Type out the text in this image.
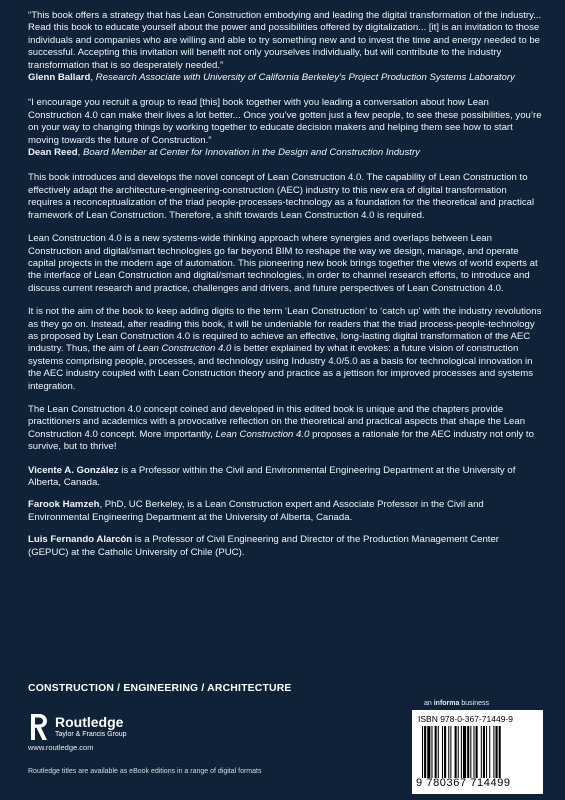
“This book offers a strategy that has Lean Construction embodying and leading the digital transformation of the industry... Read this book to educate yourself about the power and possibilities offered by digitalization... [it] is an invitation to those individuals and companies who are willing and able to try something new and to invest the time and energy needed to be successful. Accepting this invitation will benefit not only yourselves individually, but will contribute to the industry transformation that is so desperately needed.”

Glenn Ballard, Research Associate with University of California Berkeley’s Project Production Systems Laboratory

“I encourage you recruit a group to read [this] book together with you leading a conversation about how Lean Construction 4.0 can make their lives a lot better... Once you’ve gotten just a few people, to see these possibilities, you’re on your way to changing things by working together to educate decision makers and helping them see how to start moving towards the future of Construction.”

Dean Reed, Board Member at Center for Innovation in the Design and Construction Industry

This book introduces and develops the novel concept of Lean Construction 4.0. The capability of Lean Construction to effectively adapt the architecture-engineering-construction (AEC) industry to this new era of digital transformation requires a reconceptualization of the triad people-processes-technology as a foundation for the theoretical and practical framework of Lean Construction. Therefore, a shift towards Lean Construction 4.0 is required.

Lean Construction 4.0 is a new systems-wide thinking approach where synergies and overlaps between Lean Construction and digital/smart technologies go far beyond BIM to reshape the way we design, manage, and operate capital projects in the modern age of automation. This pioneering new book brings together the views of world experts at the interface of Lean Construction and digital/smart technologies, in order to channel research efforts, to introduce and discuss current research and practice, challenges and drivers, and future perspectives of Lean Construction 4.0.

It is not the aim of the book to keep adding digits to the term ‘Lean Construction’ to ‘catch up’ with the industry revolutions as they go on. Instead, after reading this book, it will be undeniable for readers that the triad process-people-technology as proposed by Lean Construction 4.0 is required to achieve an effective, long-lasting digital transformation of the AEC industry. Thus, the aim of Lean Construction 4.0 is better explained by what it evokes: a future vision of construction systems comprising people, processes, and technology using Industry 4.0/5.0 as a basis for technological innovation in the AEC industry coupled with Lean Construction theory and practice as a jettison for improved processes and systems integration.

The Lean Construction 4.0 concept coined and developed in this edited book is unique and the chapters provide practitioners and academics with a provocative reflection on the theoretical and practical aspects that shape the Lean Construction 4.0 concept. More importantly, Lean Construction 4.0 proposes a rationale for the AEC industry not only to survive, but to thrive!

Vicente A. González is a Professor within the Civil and Environmental Engineering Department at the University of Alberta, Canada.

Farook Hamzeh, PhD, UC Berkeley, is a Lean Construction expert and Associate Professor in the Civil and Environmental Engineering Department at the University of Alberta, Canada.

Luis Fernando Alarcón is a Professor of Civil Engineering and Director of the Production Management Center (GEPUC) at the Catholic University of Chile (PUC).

CONSTRUCTION / ENGINEERING / ARCHITECTURE
Routledge
Taylor & Francis Group
www.routledge.com
Routledge titles are available as eBook editions in a range of digital formats
an informa business
ISBN 978-0-367-71449-9
9 780367 714499
